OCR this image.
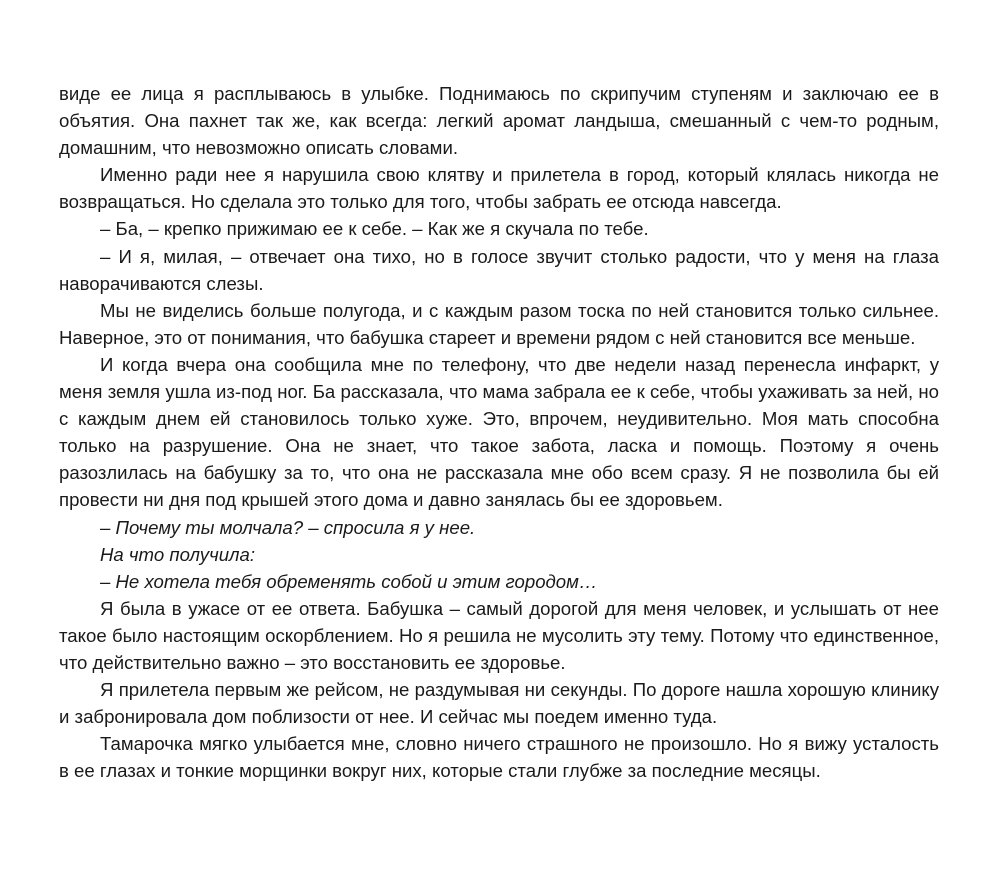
виде ее лица я расплываюсь в улыбке. Поднимаюсь по скрипучим ступеням и заключаю ее в объятия. Она пахнет так же, как всегда: легкий аромат ландыша, смешанный с чем-то родным, домашним, что невозможно описать словами.

Именно ради нее я нарушила свою клятву и прилетела в город, который клялась никогда не возвращаться. Но сделала это только для того, чтобы забрать ее отсюда навсегда.

– Ба, – крепко прижимаю ее к себе. – Как же я скучала по тебе.

– И я, милая, – отвечает она тихо, но в голосе звучит столько радости, что у меня на глаза наворачиваются слезы.

Мы не виделись больше полугода, и с каждым разом тоска по ней становится только сильнее. Наверное, это от понимания, что бабушка стареет и времени рядом с ней становится все меньше.

И когда вчера она сообщила мне по телефону, что две недели назад перенесла инфаркт, у меня земля ушла из-под ног. Ба рассказала, что мама забрала ее к себе, чтобы ухаживать за ней, но с каждым днем ей становилось только хуже. Это, впрочем, неудивительно. Моя мать способна только на разрушение. Она не знает, что такое забота, ласка и помощь. Поэтому я очень разозлилась на бабушку за то, что она не рассказала мне обо всем сразу. Я не позволила бы ей провести ни дня под крышей этого дома и давно занялась бы ее здоровьем.

– Почему ты молчала? – спросила я у нее.

На что получила:

– Не хотела тебя обременять собой и этим городом…

Я была в ужасе от ее ответа. Бабушка – самый дорогой для меня человек, и услышать от нее такое было настоящим оскорблением. Но я решила не мусолить эту тему. Потому что единственное, что действительно важно – это восстановить ее здоровье.

Я прилетела первым же рейсом, не раздумывая ни секунды. По дороге нашла хорошую клинику и забронировала дом поблизости от нее. И сейчас мы поедем именно туда.

Тамарочка мягко улыбается мне, словно ничего страшного не произошло. Но я вижу усталость в ее глазах и тонкие морщинки вокруг них, которые стали глубже за последние месяцы.
